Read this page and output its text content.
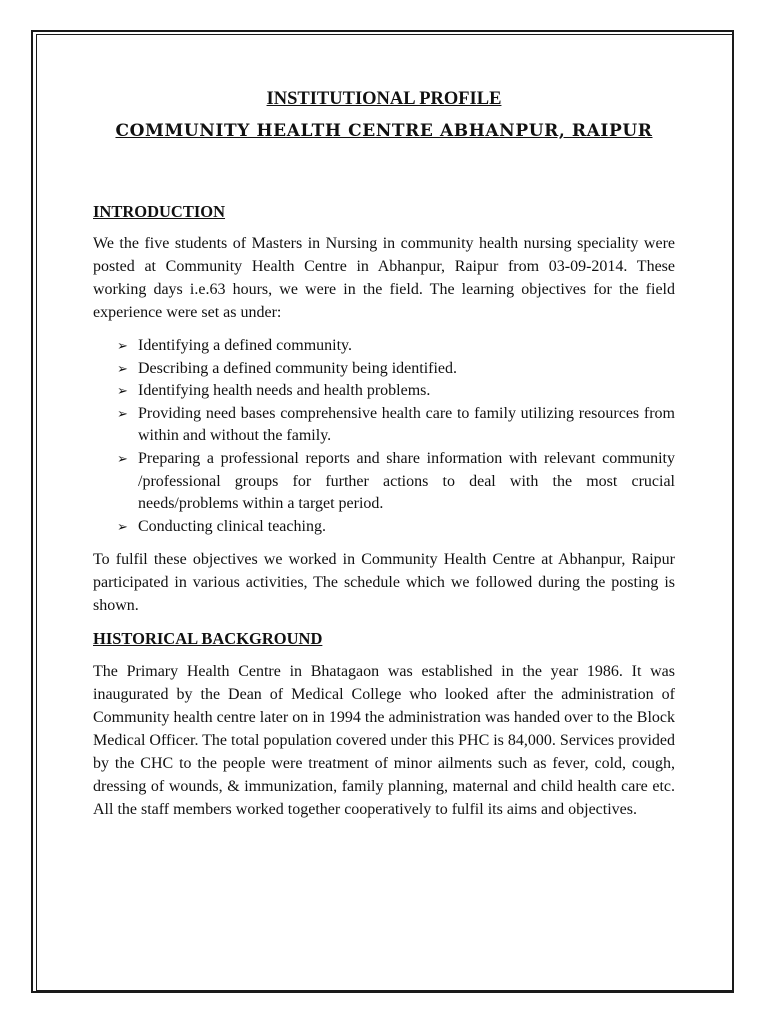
INSTITUTIONAL PROFILE
COMMUNITY HEALTH CENTRE ABHANPUR, RAIPUR
INTRODUCTION

We the five students of Masters in Nursing in community health nursing speciality were posted at Community Health Centre in Abhanpur, Raipur from 03-09-2014. These working days i.e.63 hours, we were in the field. The learning objectives for the field experience were set as under:

➢ Identifying a defined community.
➢ Describing a defined community being identified.
➢ Identifying health needs and health problems.
➢ Providing need bases comprehensive health care to family utilizing resources from within and without the family.
➢ Preparing a professional reports and share information with relevant community /professional groups for further actions to deal with the most crucial needs/problems within a target period.
➢ Conducting clinical teaching.

To fulfil these objectives we worked in Community Health Centre at Abhanpur, Raipur participated in various activities, The schedule which we followed during the posting is shown.

HISTORICAL BACKGROUND

The Primary Health Centre in Bhatagaon was established in the year 1986. It was inaugurated by the Dean of Medical College who looked after the administration of Community health centre later on in 1994 the administration was handed over to the Block Medical Officer. The total population covered under this PHC is 84,000. Services provided by the CHC to the people were treatment of minor ailments such as fever, cold, cough, dressing of wounds, & immunization, family planning, maternal and child health care etc. All the staff members worked together cooperatively to fulfil its aims and objectives.
